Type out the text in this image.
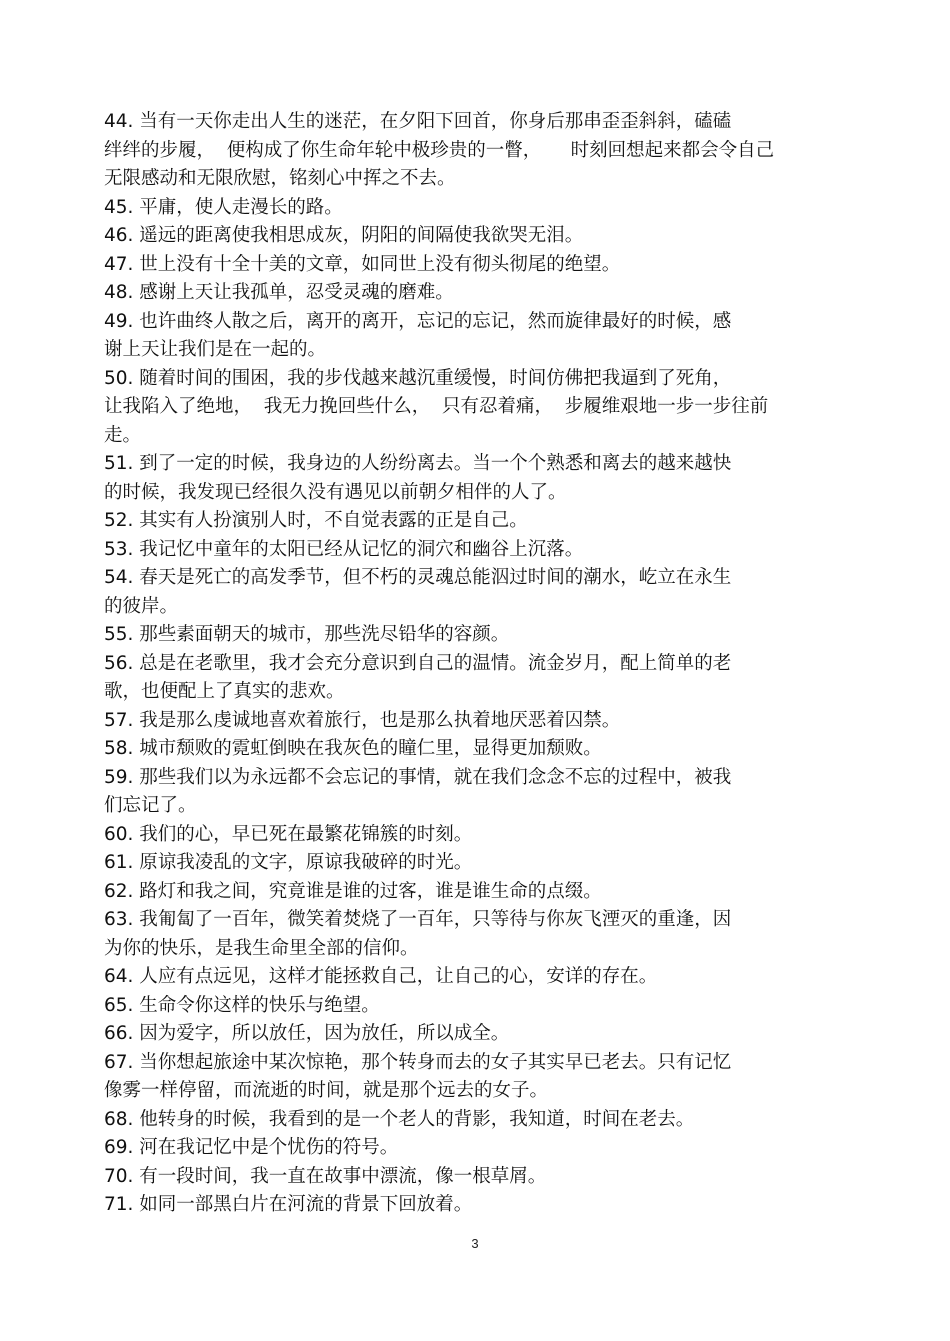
44. 当有一天你走出人生的迷茫，在夕阳下回首，你身后那串歪歪斜斜，磕磕
绊绊的步履，  便构成了你生命年轮中极珍贵的一瞥，     时刻回想起来都会令自己
无限感动和无限欣慰，铭刻心中挥之不去。
45. 平庸，使人走漫长的路。
46. 遥远的距离使我相思成灰，阴阳的间隔使我欲哭无泪。
47. 世上没有十全十美的文章，如同世上没有彻头彻尾的绝望。
48. 感谢上天让我孤单，忍受灵魂的磨难。
49. 也许曲终人散之后，离开的离开，忘记的忘记，然而旋律最好的时候，感
谢上天让我们是在一起的。
50. 随着时间的围困，我的步伐越来越沉重缓慢，时间仿佛把我逼到了死角，
让我陷入了绝地，  我无力挽回些什么，  只有忍着痛，  步履维艰地一步一步往前
走。
51. 到了一定的时候，我身边的人纷纷离去。当一个个熟悉和离去的越来越快
的时候，我发现已经很久没有遇见以前朝夕相伴的人了。
52. 其实有人扮演别人时，不自觉表露的正是自己。
53. 我记忆中童年的太阳已经从记忆的洞穴和幽谷上沉落。
54. 春天是死亡的高发季节，但不朽的灵魂总能泅过时间的潮水，屹立在永生
的彼岸。
55. 那些素面朝天的城市，那些洗尽铅华的容颜。
56. 总是在老歌里，我才会充分意识到自己的温情。流金岁月，配上简单的老
歌，也便配上了真实的悲欢。
57. 我是那么虔诚地喜欢着旅行，也是那么执着地厌恶着囚禁。
58. 城市颓败的霓虹倒映在我灰色的瞳仁里，显得更加颓败。
59. 那些我们以为永远都不会忘记的事情，就在我们念念不忘的过程中，被我
们忘记了。
60. 我们的心，早已死在最繁花锦簇的时刻。
61. 原谅我凌乱的文字，原谅我破碎的时光。
62. 路灯和我之间，究竟谁是谁的过客，谁是谁生命的点缀。
63. 我匍匐了一百年，微笑着焚烧了一百年，只等待与你灰飞湮灭的重逢，因
为你的快乐，是我生命里全部的信仰。
64. 人应有点远见，这样才能拯救自己，让自己的心，安详的存在。
65. 生命令你这样的快乐与绝望。
66. 因为爱字，所以放任，因为放任，所以成全。
67. 当你想起旅途中某次惊艳，那个转身而去的女子其实早已老去。只有记忆
像雾一样停留，而流逝的时间，就是那个远去的女子。
68. 他转身的时候，我看到的是一个老人的背影，我知道，时间在老去。
69. 河在我记忆中是个忧伤的符号。
70. 有一段时间，我一直在故事中漂流，像一根草屑。
71. 如同一部黑白片在河流的背景下回放着。
3
